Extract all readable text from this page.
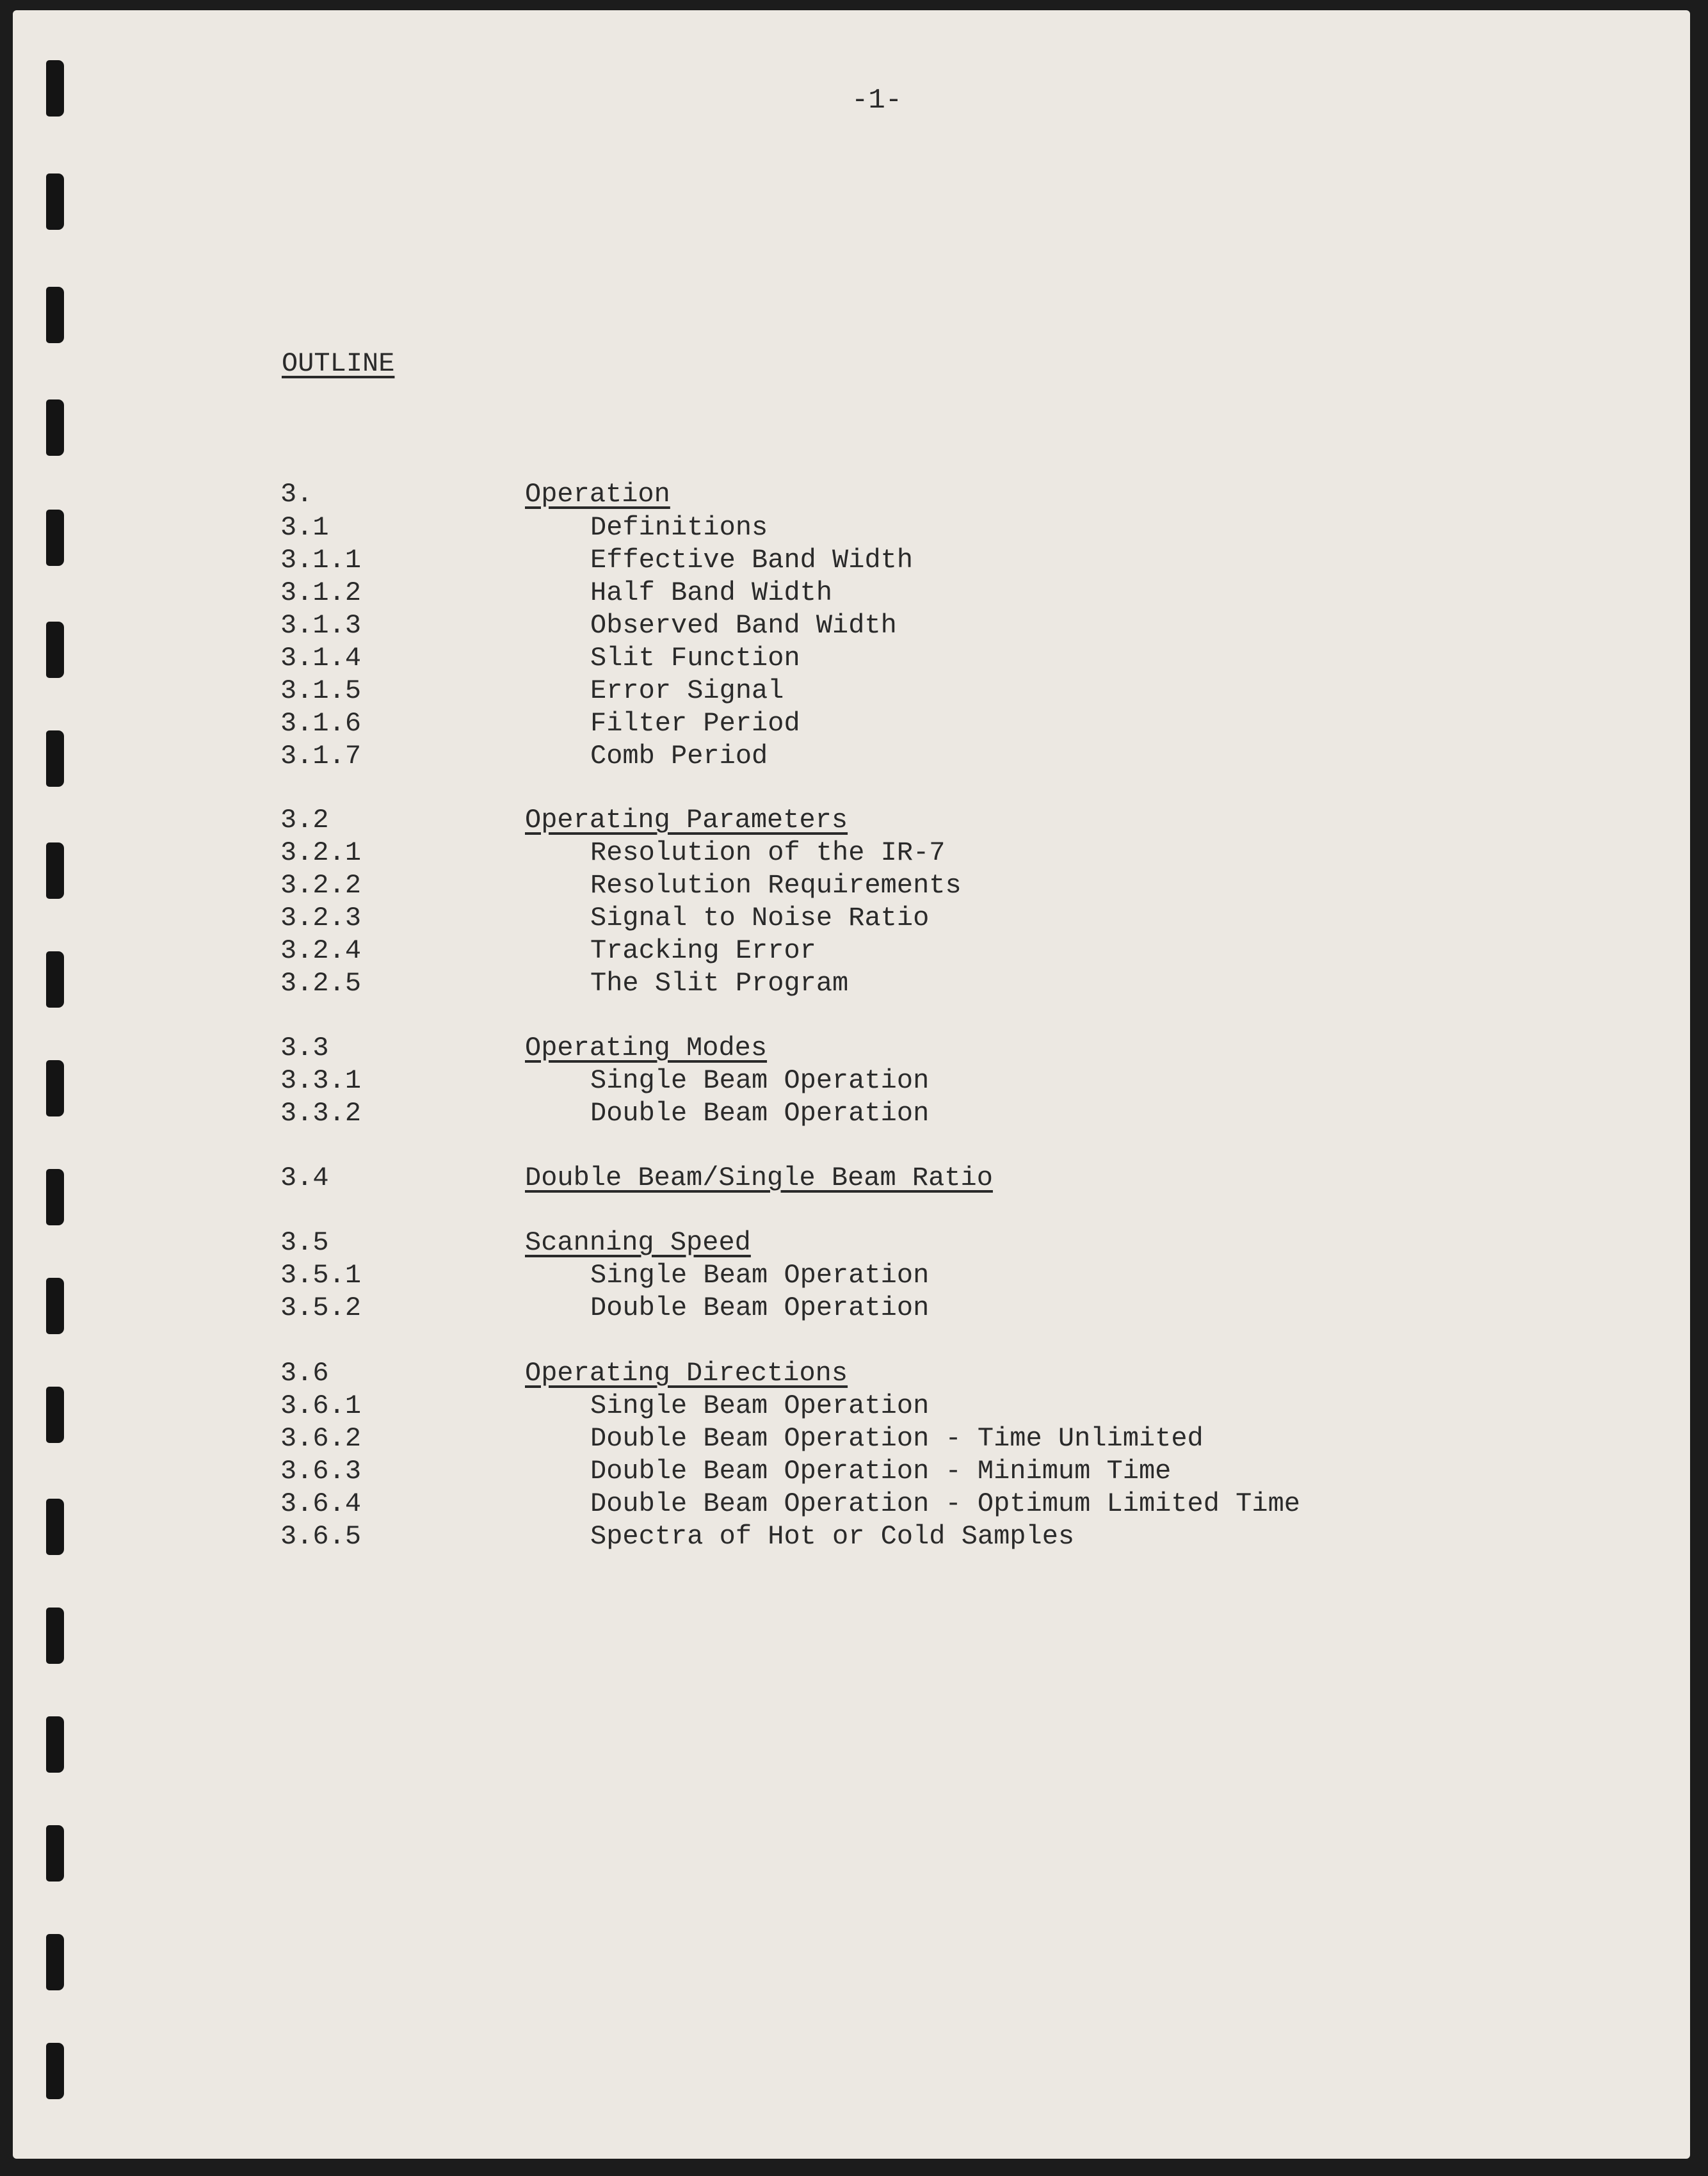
-1-
OUTLINE
3.	Operation
3.1	Definitions
3.1.1	Effective Band Width
3.1.2	Half Band Width
3.1.3	Observed Band Width
3.1.4	Slit Function
3.1.5	Error Signal
3.1.6	Filter Period
3.1.7	Comb Period
3.2	Operating Parameters
3.2.1	Resolution of the IR-7
3.2.2	Resolution Requirements
3.2.3	Signal to Noise Ratio
3.2.4	Tracking Error
3.2.5	The Slit Program
3.3	Operating Modes
3.3.1	Single Beam Operation
3.3.2	Double Beam Operation
3.4	Double Beam/Single Beam Ratio
3.5	Scanning Speed
3.5.1	Single Beam Operation
3.5.2	Double Beam Operation
3.6	Operating Directions
3.6.1	Single Beam Operation
3.6.2	Double Beam Operation - Time Unlimited
3.6.3	Double Beam Operation - Minimum Time
3.6.4	Double Beam Operation - Optimum Limited Time
3.6.5	Spectra of Hot or Cold Samples
